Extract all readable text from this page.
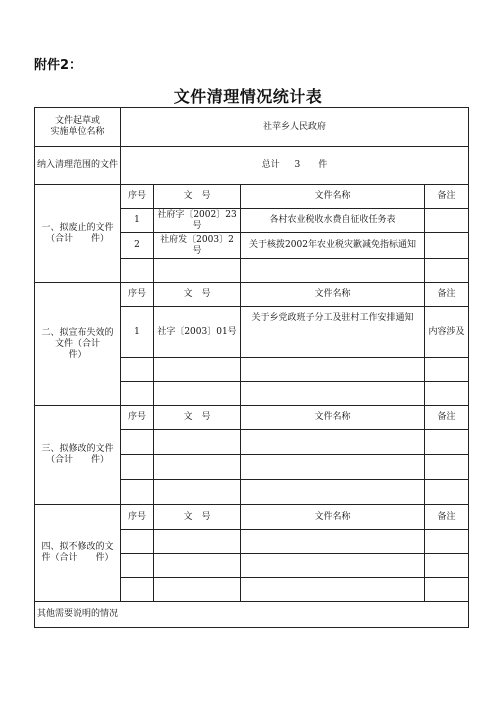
附件2：
文件清理情况统计表
文件起草或
实施单位名称	社苹乡人民政府			
纳入清理范围的文件	总计　  3　　件			
一、拟废止的文件
（合计　　件）	序号	文　号	文件名称	备注
	1	社府字〔2002〕23号	各村农业税收水费自征收任务表	
	2	社府发〔2003〕2号	关于核拨2002年农业税灾歉减免指标通知	

二、拟宣布失效的
文件（合计
件）	序号	文　号	文件名称	备注
	1	社字〔2003〕01号	关于乡党政班子分工及驻村工作安排通知	内容涉及

三、拟修改的文件
（合计　　件）	序号	文　号	文件名称	备注

四、拟不修改的文
件（合计　　件）	序号	文　号	文件名称	备注

其他需要说明的情况				
